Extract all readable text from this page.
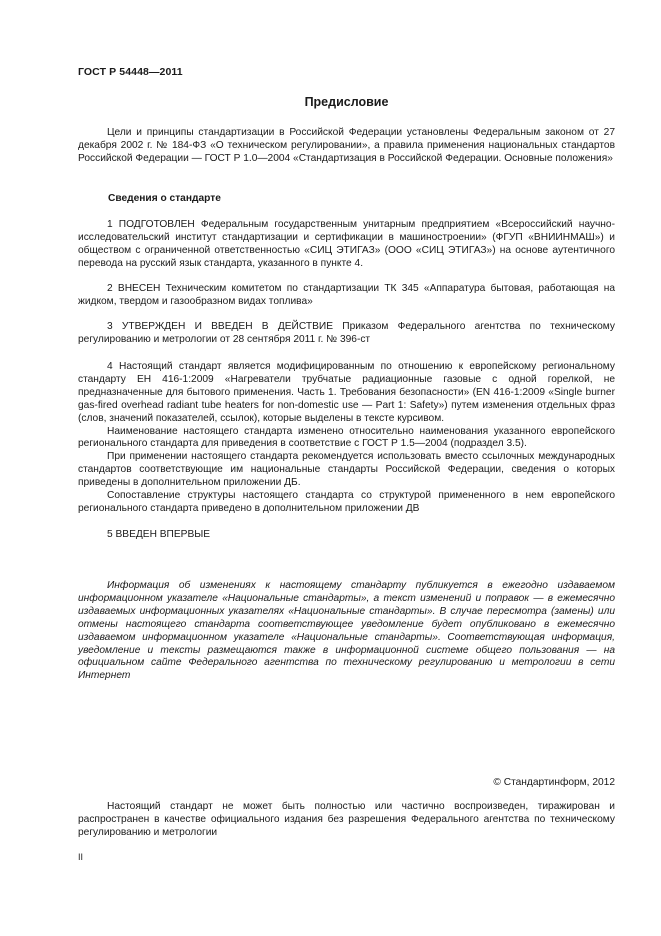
ГОСТ Р 54448—2011
Предисловие

Цели и принципы стандартизации в Российской Федерации установлены Федеральным законом от 27 декабря 2002 г. № 184-ФЗ «О техническом регулировании», а правила применения национальных стандартов Российской Федерации — ГОСТ Р 1.0—2004 «Стандартизация в Российской Федерации. Основные положения»

Сведения о стандарте

1 ПОДГОТОВЛЕН Федеральным государственным унитарным предприятием «Всероссийский научно-исследовательский институт стандартизации и сертификации в машиностроении» (ФГУП «ВНИИНМАШ») и обществом с ограниченной ответственностью «СИЦ ЭТИГАЗ» (ООО «СИЦ ЭТИГАЗ») на основе аутентичного перевода на русский язык стандарта, указанного в пункте 4.

2 ВНЕСЕН Техническим комитетом по стандартизации ТК 345 «Аппаратура бытовая, работающая на жидком, твердом и газообразном видах топлива»

3 УТВЕРЖДЕН И ВВЕДЕН В ДЕЙСТВИЕ Приказом Федерального агентства по техническому регулированию и метрологии от 28 сентября 2011 г. № 396-ст

4 Настоящий стандарт является модифицированным по отношению к европейскому региональному стандарту ЕН 416-1:2009 «Нагреватели трубчатые радиационные газовые с одной горелкой, не предназначенные для бытового применения. Часть 1. Требования безопасности» (EN 416-1:2009 «Single burner gas-fired overhead radiant tube heaters for non-domestic use — Part 1: Safety») путем изменения отдельных фраз (слов, значений показателей, ссылок), которые выделены в тексте курсивом.

Наименование настоящего стандарта изменено относительно наименования указанного европейского регионального стандарта для приведения в соответствие с ГОСТ Р 1.5—2004 (подраздел 3.5).

При применении настоящего стандарта рекомендуется использовать вместо ссылочных международных стандартов соответствующие им национальные стандарты Российской Федерации, сведения о которых приведены в дополнительном приложении ДБ.

Сопоставление структуры настоящего стандарта со структурой примененного в нем европейского регионального стандарта приведено в дополнительном приложении ДВ

5 ВВЕДЕН ВПЕРВЫЕ

Информация об изменениях к настоящему стандарту публикуется в ежегодно издаваемом информационном указателе «Национальные стандарты», а текст изменений и поправок — в ежемесячно издаваемых информационных указателях «Национальные стандарты». В случае пересмотра (замены) или отмены настоящего стандарта соответствующее уведомление будет опубликовано в ежемесячно издаваемом информационном указателе «Национальные стандарты». Соответствующая информация, уведомление и тексты размещаются также в информационной системе общего пользования — на официальном сайте Федерального агентства по техническому регулированию и метрологии в сети Интернет

© Стандартинформ, 2012

Настоящий стандарт не может быть полностью или частично воспроизведен, тиражирован и распространен в качестве официального издания без разрешения Федерального агентства по техническому регулированию и метрологии

II
